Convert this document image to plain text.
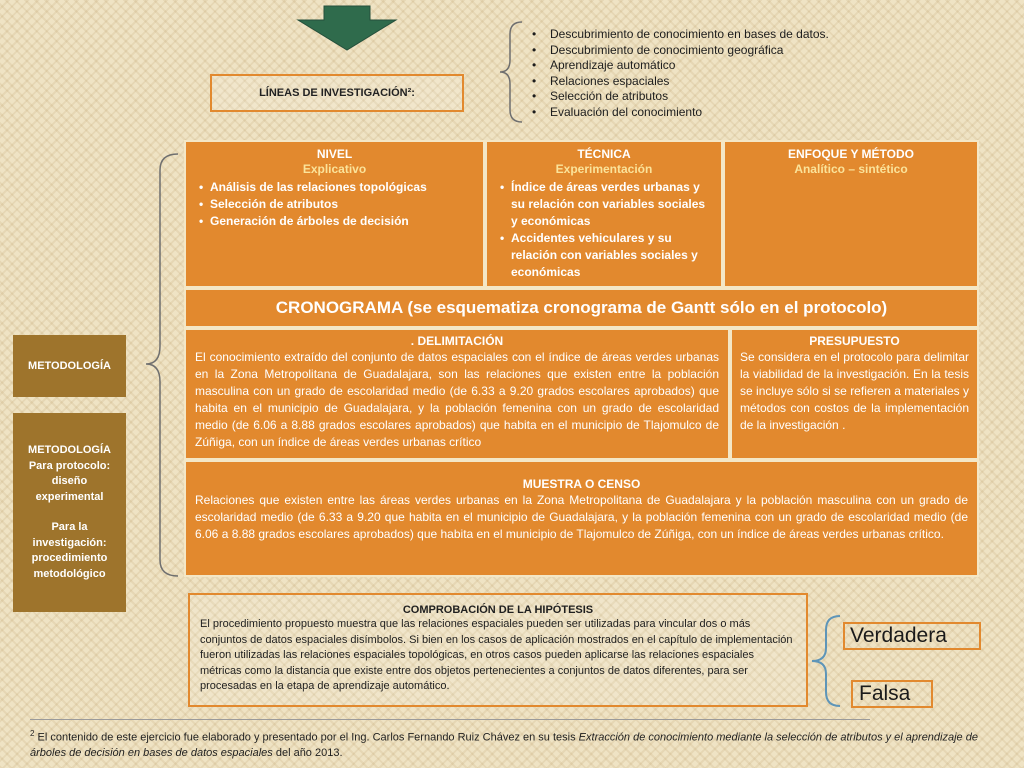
LÍNEAS DE INVESTIGACIÓN²:
• Descubrimiento de conocimiento en bases de datos.
• Descubrimiento de conocimiento geográfica
• Aprendizaje automático
• Relaciones espaciales
• Selección de atributos
• Evaluación del conocimiento
NIVEL
Explicativo
• Análisis de las relaciones topológicas
• Selección de atributos
• Generación de árboles de decisión
TÉCNICA
Experimentación
• Índice de áreas verdes urbanas y su relación con variables sociales y económicas
• Accidentes vehiculares y su relación con variables sociales y económicas
ENFOQUE Y MÉTODO
Analítico – sintético
CRONOGRAMA (se esquematiza cronograma de Gantt sólo en el protocolo)
. DELIMITACIÓN
El conocimiento extraído del conjunto de datos espaciales con el índice de áreas verdes urbanas en la Zona Metropolitana de Guadalajara, son las relaciones que existen entre la población masculina con un grado de escolaridad medio (de 6.33 a 9.20 grados escolares aprobados) que habita en el municipio de Guadalajara, y la población femenina con un grado de escolaridad medio (de 6.06 a 8.88 grados escolares aprobados) que habita en el municipio de Tlajomulco de Zúñiga, con un índice de áreas verdes urbanas crítico
PRESUPUESTO
Se considera en el protocolo para delimitar la viabilidad de la investigación. En la tesis se incluye sólo si se refieren a materiales y métodos con costos de la implementación de la investigación .
MUESTRA O CENSO
Relaciones que existen entre las áreas verdes urbanas en la Zona Metropolitana de Guadalajara y la población masculina con un grado de escolaridad medio (de 6.33 a 9.20 que habita en el municipio de Guadalajara, y la población femenina con un grado de escolaridad medio (de 6.06 a 8.88 grados escolares aprobados) que habita en el municipio de Tlajomulco de Zúñiga, con un índice de áreas verdes urbanas crítico.
METODOLOGÍA
METODOLOGÍA
Para protocolo: diseño experimental
Para la investigación: procedimiento metodológico
COMPROBACIÓN DE LA HIPÓTESIS
El procedimiento propuesto muestra que las relaciones espaciales pueden ser utilizadas para vincular dos o más conjuntos de datos espaciales disímbolos. Si bien en los casos de aplicación mostrados en el capítulo de implementación fueron utilizadas las relaciones espaciales topológicas, en otros casos pueden aplicarse las relaciones espaciales métricas como la distancia que existe entre dos objetos pertenecientes a conjuntos de datos diferentes, para ser procesadas en la etapa de aprendizaje automático.
Verdadera
Falsa
$^2$ El contenido de este ejercicio fue elaborado y presentado por el Ing. Carlos Fernando Ruiz Chávez en su tesis Extracción de conocimiento mediante la selección de atributos y el aprendizaje de árboles de decisión en bases de datos espaciales del año 2013.
